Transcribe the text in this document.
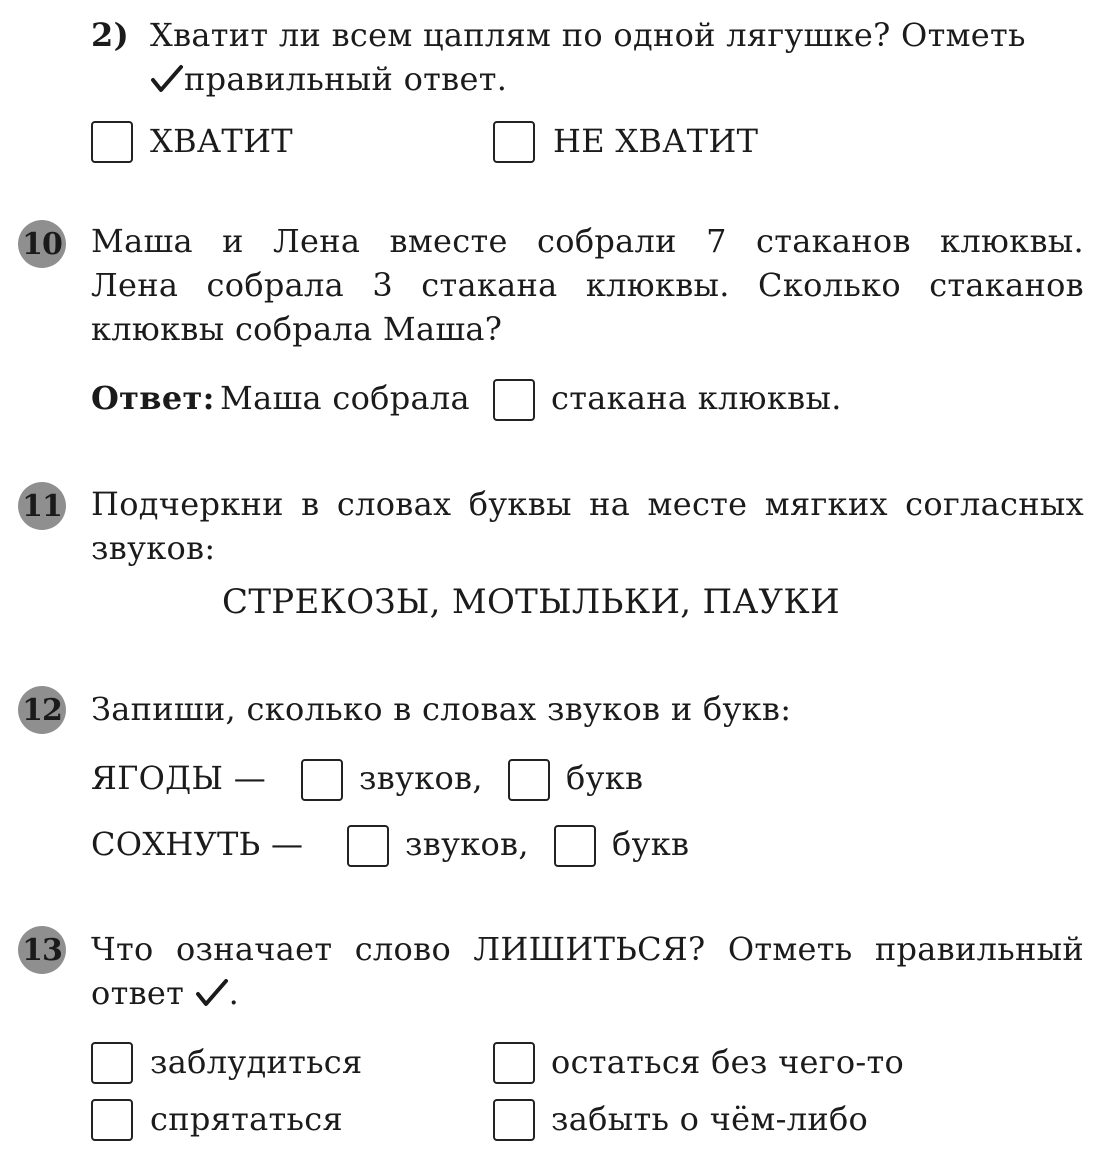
2) Хватит ли всем цаплям по одной лягушке? Отметь
правильный ответ.
ХВАТИТ	НЕ ХВАТИТ
10 Маша и Лена вместе собрали 7 стаканов клюквы.
Лена собрала 3 стакана клюквы. Сколько стаканов
клюквы собрала Маша?
Ответ: Маша собрала	стакана клюквы.
11 Подчеркни в словах буквы на месте мягких согласных
звуков:
СТРЕКОЗЫ, МОТЫЛЬКИ, ПАУКИ
12 Запиши, сколько в словах звуков и букв:
ЯГОДЫ —	звуков,	букв
СОХНУТЬ —	звуков,	букв
13 Что означает слово ЛИШИТЬСЯ? Отметь правильный
ответ .
заблудиться	остаться без чего-то
спрятаться	забыть о чём-либо
